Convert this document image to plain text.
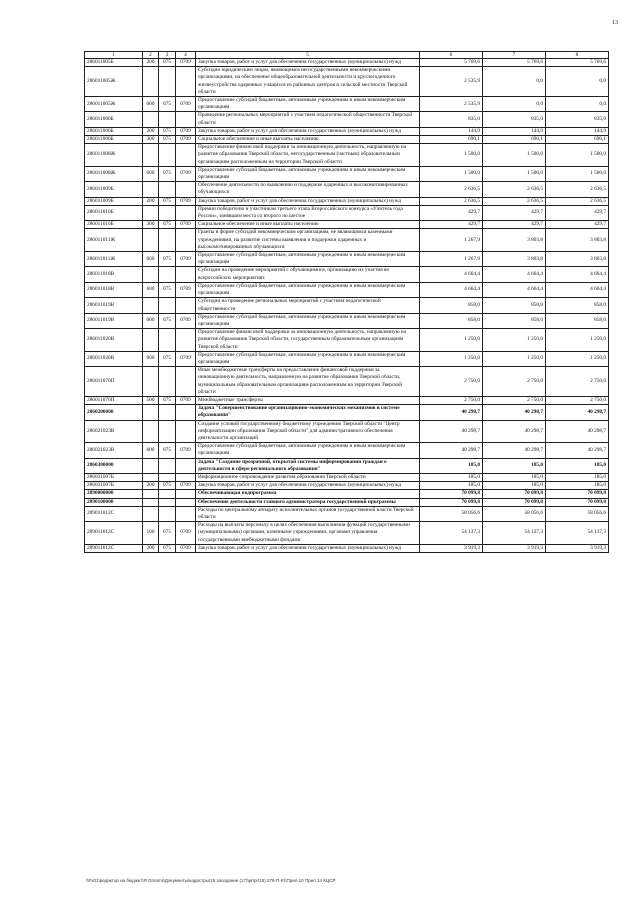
13
1	2	3	4	5	6	7	8
286011005Б	200	075	0709	Закупка товаров, работ и услуг для обеспечения государственных (муниципальных) нужд	5 769,6	5 769,6	5 769,6
286011005Ж				Субсидии юридическим лицам, являющимся негосударственными некоммерческими организациями, на обеспечение общеобразовательной деятельности и круглогодичного жизнеустройства одаренных учащихся из районных центров и сельской местности Тверской области	2 535,9	0,0	0,0
286011005Ж	600	075	0709	Предоставление субсидий бюджетным, автономным учреждениям и иным некоммерческим организациям	2 535,9	0,0	0,0
286011006Б				Проведение региональных мероприятий с участием педагогической общественности Тверской области	835,0	835,0	835,0
286011006Б	200	075	0709	Закупка товаров, работ и услуг для обеспечения государственных (муниципальных) нужд	144,9	144,9	144,9
286011006Б	300	075	0709	Социальное обеспечение и иные выплаты населению	690,1	690,1	690,1
286011008Ж				Предоставление финансовой поддержки за инновационную деятельность, направленную на развитие образования Тверской области, негосударственным (частным) образовательным организациям расположенным на территории Тверской области	1 500,0	1 500,0	1 500,0
286011008Ж	600	075	0709	Предоставление субсидий бюджетным, автономным учреждениям и иным некоммерческим организациям	1 500,0	1 500,0	1 500,0
286011009Б				Обеспечение деятельности по выявлению и поддержке одаренных и высокомотивированных обучающихся	2 636,5	2 636,5	2 636,5
286011009Б	200	075	0709	Закупка товаров, работ и услуг для обеспечения государственных (муниципальных) нужд	2 636,5	2 636,5	2 636,5
286011010Б				Премии победителю и участникам третьего этапа Всероссийского конкурса «Учитель года России», занявшим места со второго по шестое	429,7	429,7	429,7
286011010Б	300	075	0709	Социальное обеспечение и иные выплаты населению	429,7	429,7	429,7
286011011Ж				Гранты в форме субсидий некоммерческим организациям, не являющимся казенными учреждениями, на развитие системы выявления и поддержки одаренных и высокомотивированных обучающихся	1 267,9	3 803,8	3 803,8
286011011Ж	600	075	0709	Предоставление субсидий бюджетным, автономным учреждениям и иным некоммерческим организациям	1 267,9	3 803,8	3 803,8
286011018В				Субсидии на проведение мероприятий с обучающимися, организацию их участия во всероссийских мероприятиях	4 664,4	4 664,4	4 664,4
286011018В	600	075	0709	Предоставление субсидий бюджетным, автономным учреждениям и иным некоммерческим организациям	4 664,4	4 664,4	4 664,4
286011019В				Субсидии на проведение региональных мероприятий с участием педагогической общественности	858,0	858,0	858,0
286011019В	600	075	0709	Предоставление субсидий бюджетным, автономным учреждениям и иным некоммерческим организациям	858,0	858,0	858,0
286011020В				Предоставление финансовой поддержки за инновационную деятельность, направленную на развитие образования Тверской области, государственным образовательным организациям Тверской области	1 250,0	1 250,0	1 250,0
286011020В	600	075	0709	Предоставление субсидий бюджетным, автономным учреждениям и иным некоммерческим организациям	1 250,0	1 250,0	1 250,0
286011076П				Иные межбюджетные трансферты на предоставление финансовой поддержки за инновационную деятельность, направленную на развитие образования Тверской области, муниципальным образовательным организациям расположенным на территории Тверской области	2 750,0	2 750,0	2 750,0
286011076П	500	075	0709	Межбюджетные трансферты	2 750,0	2 750,0	2 750,0
2860200000				Задача "Совершенствование организационно-экономических механизмов в системе образования"	40 298,7	40 298,7	40 298,7
286021023В				Создание условий государственному бюджетному учреждению Тверской области "Центр информатизации образования Тверской области" для административного обеспечения деятельности организаций	40 298,7	40 298,7	40 298,7
286021023В	600	075	0709	Предоставление субсидий бюджетным, автономным учреждениям и иным некоммерческим организациям	40 298,7	40 298,7	40 298,7
2860300000				Задача "Создание прозрачной, открытой системы информирования граждан о деятельности в сфере регионального образования"	185,0	185,0	185,0
286031007Б				Информационное сопровождение развития образования Тверской области	185,0	185,0	185,0
286031007Б	200	075	0709	Закупка товаров, работ и услуг для обеспечения государственных (муниципальных) нужд	185,0	185,0	185,0
2890000000				Обеспечивающая подпрограмма	70 099,8	70 099,8	70 099,8
2890100000				Обеспечение деятельности главного администратора государственной программы	70 099,8	70 099,8	70 099,8
289011012С				Расходы по центральному аппарату исполнительных органов государственной власти Тверской области	58 056,6	58 056,6	58 056,6
289011012С	100	075	0709	Расходы на выплаты персоналу в целях обеспечения выполнения функций государственными (муниципальными) органами, казенными учреждениями, органами управления государственными внебюджетными фондами	54 137,3	54 137,3	54 137,3
289011012С	200	075	0709	Закупка товаров, работ и услуг для обеспечения государственных (муниципальных) нужд	3 919,3	3 919,3	3 919,3
\\Fs01\редактор на бюджет\Я Оплата\Документы\кадастры\18 заседание (17)\pr\pr\18) 276-П-Ю\Прил 10 Прил 14 КЦСР
